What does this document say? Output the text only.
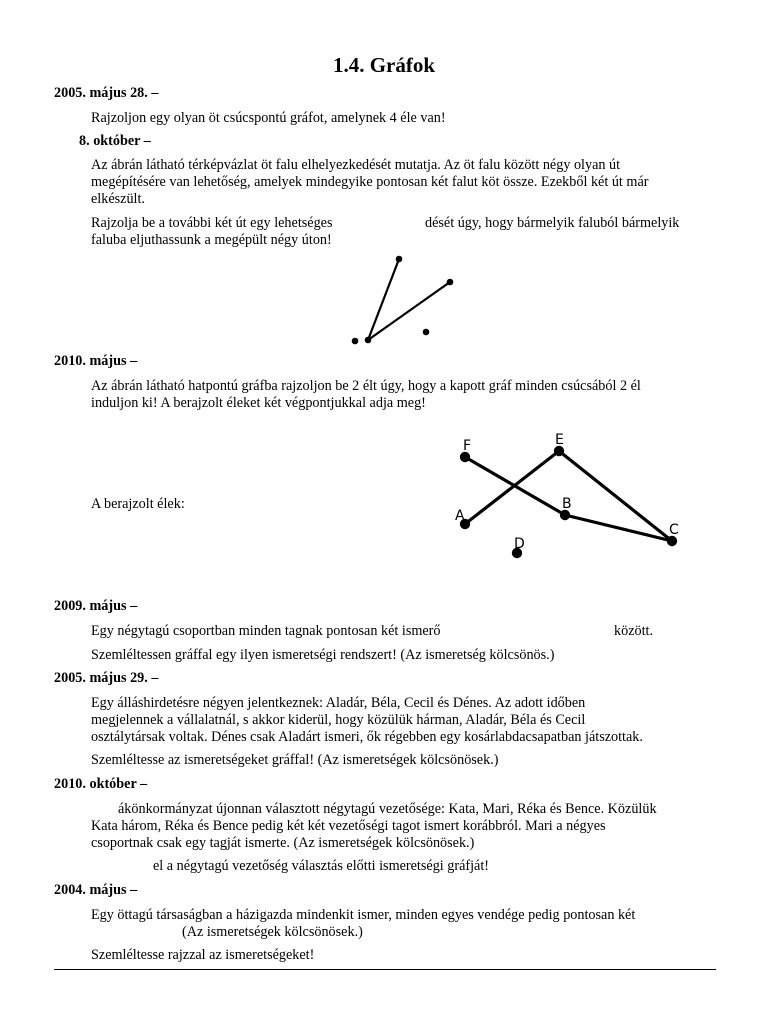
1.4. Gráfok
2005. május 28. –
Rajzoljon egy olyan öt csúcspontú gráfot, amelynek 4 éle van!
8. október –
Az ábrán látható térképvázlat öt falu elhelyezkedését mutatja. Az öt falu között négy olyan út
megépítésére van lehetőség, amelyek mindegyike pontosan két falut köt össze. Ezekből két út már
elkészült.
Rajzolja be a további két út egy lehetséges	dését úgy, hogy bármelyik faluból bármelyik
faluba eljuthassunk a megépült négy úton!
2010. május –
Az ábrán látható hatpontú gráfba rajzoljon be 2 élt úgy, hogy a kapott gráf minden csúcsából 2 él
induljon ki! A berajzolt éleket két végpontjukkal adja meg!
A berajzolt élek:
F	E
A
B
C
D
2009. május –
Egy négytagú csoportban minden tagnak pontosan két ismerő	között.
Szemléltessen gráffal egy ilyen ismeretségi rendszert! (Az ismeretség kölcsönös.)
2005. május 29. –
Egy álláshirdetésre négyen jelentkeznek: Aladár, Béla, Cecil és Dénes. Az adott időben
megjelennek a vállalatnál, s akkor kiderül, hogy közülük hárman, Aladár, Béla és Cecil
osztálytársak voltak. Dénes csak Aladárt ismeri, ők régebben egy kosárlabdacsapatban játszottak.
Szemléltesse az ismeretségeket gráffal! (Az ismeretségek kölcsönösek.)
2010. október –
ákönkormányzat újonnan választott négytagú vezetősége: Kata, Mari, Réka és Bence. Közülük
Kata három, Réka és Bence pedig két két vezetőségi tagot ismert korábbról. Mari a négyes
csoportnak csak egy tagját ismerte. (Az ismeretségek kölcsönösek.)
el a négytagú vezetőség választás előtti ismeretségi gráfját!
2004. május –
Egy öttagú társaságban a házigazda mindenkit ismer, minden egyes vendége pedig pontosan két
(Az ismeretségek kölcsönösek.)
Szemléltesse rajzzal az ismeretségeket!
